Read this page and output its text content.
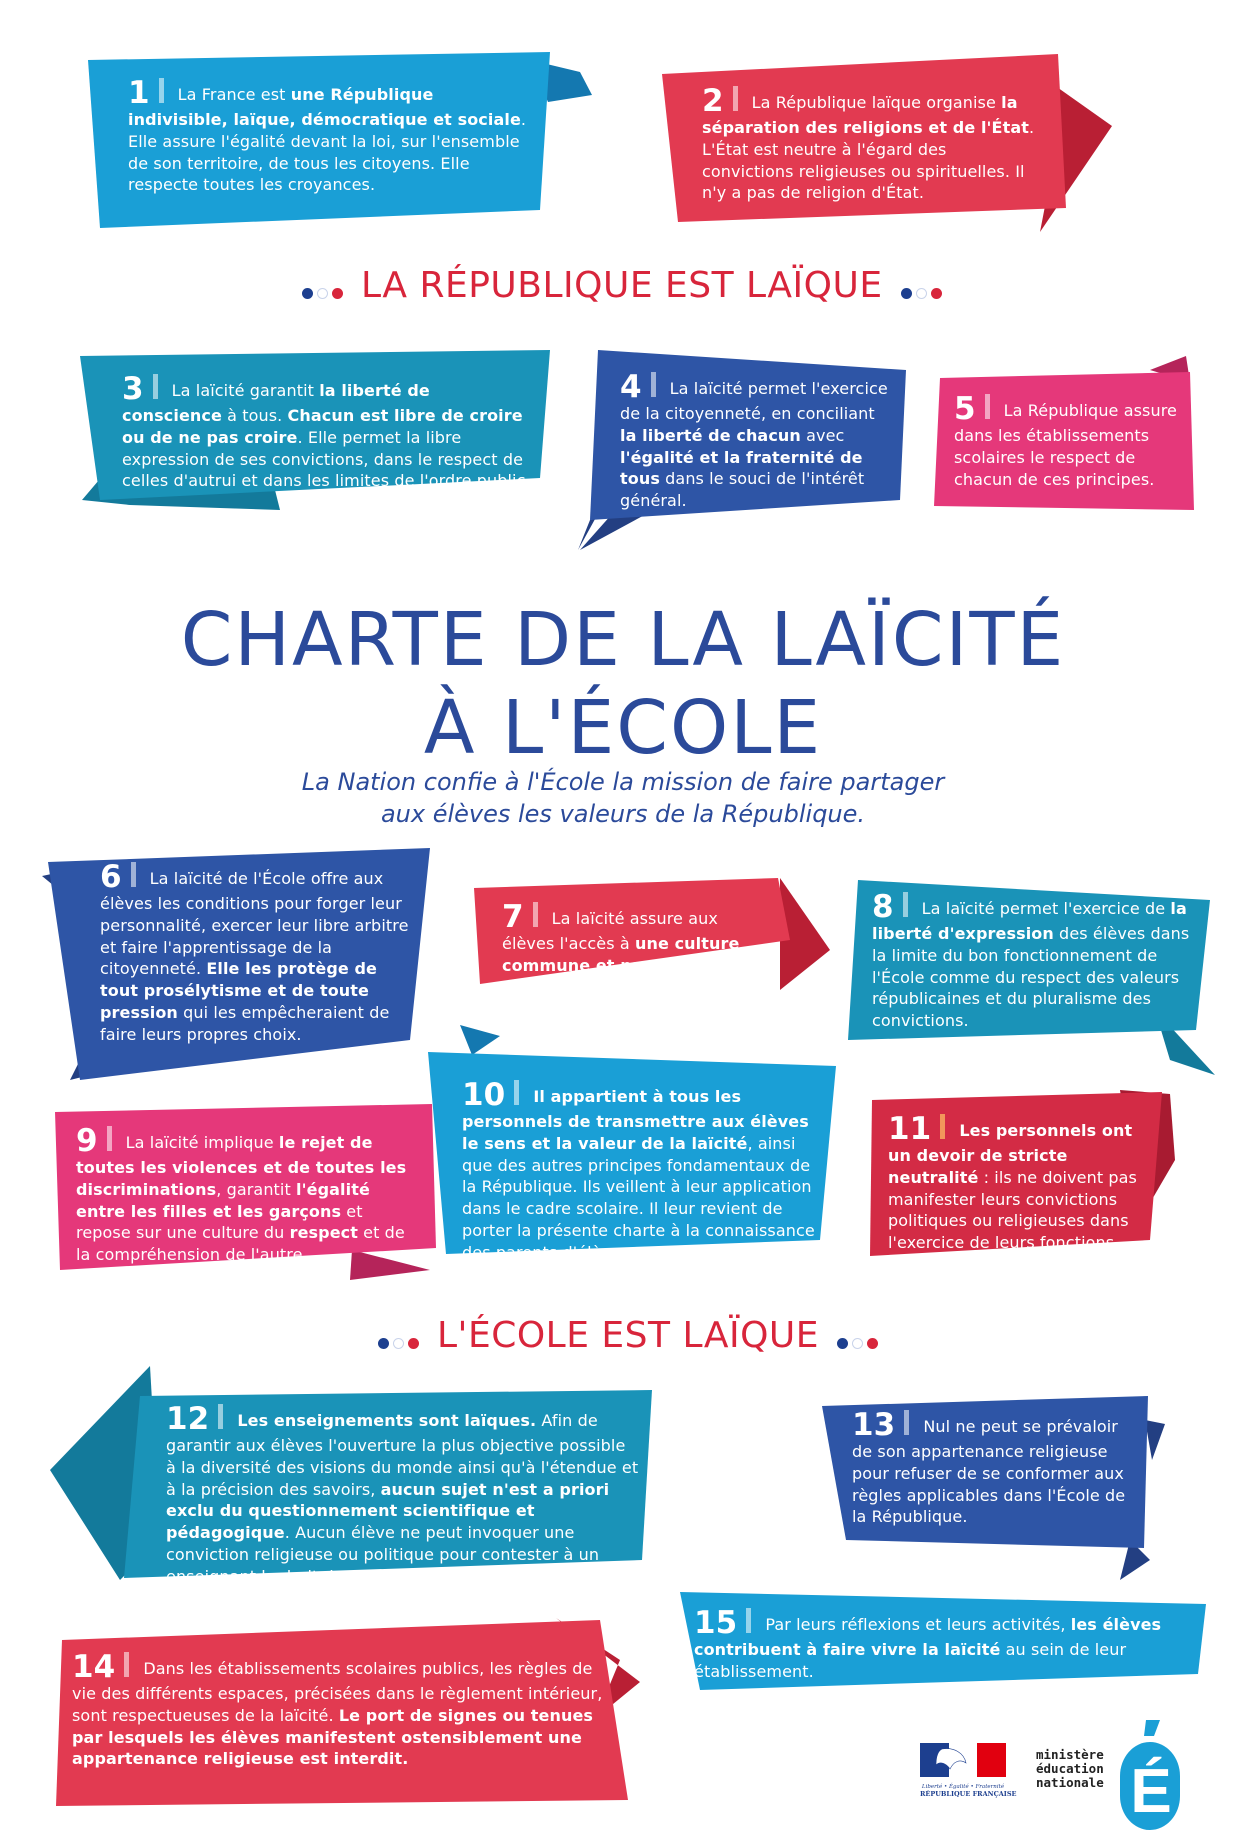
LA RÉPUBLIQUE EST LAÏQUE
1 La France est une République indivisible, laïque, démocratique et sociale. Elle assure l'égalité devant la loi, sur l'ensemble de son territoire, de tous les citoyens. Elle respecte toutes les croyances.
2 La République laïque organise la séparation des religions et de l'État. L'État est neutre à l'égard des convictions religieuses ou spirituelles. Il n'y a pas de religion d'État.
3 La laïcité garantit la liberté de conscience à tous. Chacun est libre de croire ou de ne pas croire. Elle permet la libre expression de ses convictions, dans le respect de celles d'autrui et dans les limites de l'ordre public.
4 La laïcité permet l'exercice de la citoyenneté, en conciliant la liberté de chacun avec l'égalité et la fraternité de tous dans le souci de l'intérêt général.
5 La République assure dans les établissements scolaires le respect de chacun de ces principes.
CHARTE DE LA LAÏCITÉ
À L'ÉCOLE
La Nation confie à l'École la mission de faire partager
aux élèves les valeurs de la République.
6 La laïcité de l'École offre aux élèves les conditions pour forger leur personnalité, exercer leur libre arbitre et faire l'apprentissage de la citoyenneté. Elle les protège de tout prosélytisme et de toute pression qui les empêcheraient de faire leurs propres choix.
7 La laïcité assure aux élèves l'accès à une culture commune et partagée.
8 La laïcité permet l'exercice de la liberté d'expression des élèves dans la limite du bon fonctionnement de l'École comme du respect des valeurs républicaines et du pluralisme des convictions.
9 La laïcité implique le rejet de toutes les violences et de toutes les discriminations, garantit l'égalité entre les filles et les garçons et repose sur une culture du respect et de la compréhension de l'autre.
10 Il appartient à tous les personnels de transmettre aux élèves le sens et la valeur de la laïcité, ainsi que des autres principes fondamentaux de la République. Ils veillent à leur application dans le cadre scolaire. Il leur revient de porter la présente charte à la connaissance des parents d'élèves.
11 Les personnels ont un devoir de stricte neutralité : ils ne doivent pas manifester leurs convictions politiques ou religieuses dans l'exercice de leurs fonctions.
L'ÉCOLE EST LAÏQUE
12 Les enseignements sont laïques. Afin de garantir aux élèves l'ouverture la plus objective possible à la diversité des visions du monde ainsi qu'à l'étendue et à la précision des savoirs, aucun sujet n'est a priori exclu du questionnement scientifique et pédagogique. Aucun élève ne peut invoquer une conviction religieuse ou politique pour contester à un enseignant le droit de traiter une question au programme.
13 Nul ne peut se prévaloir de son appartenance religieuse pour refuser de se conformer aux règles applicables dans l'École de la République.
15 Par leurs réflexions et leurs activités, les élèves contribuent à faire vivre la laïcité au sein de leur établissement.
14 Dans les établissements scolaires publics, les règles de vie des différents espaces, précisées dans le règlement intérieur, sont respectueuses de la laïcité. Le port de signes ou tenues par lesquels les élèves manifestent ostensiblement une appartenance religieuse est interdit.
Liberté • Égalité • Fraternité
RÉPUBLIQUE FRANÇAISE
ministère
éducation
nationale É
